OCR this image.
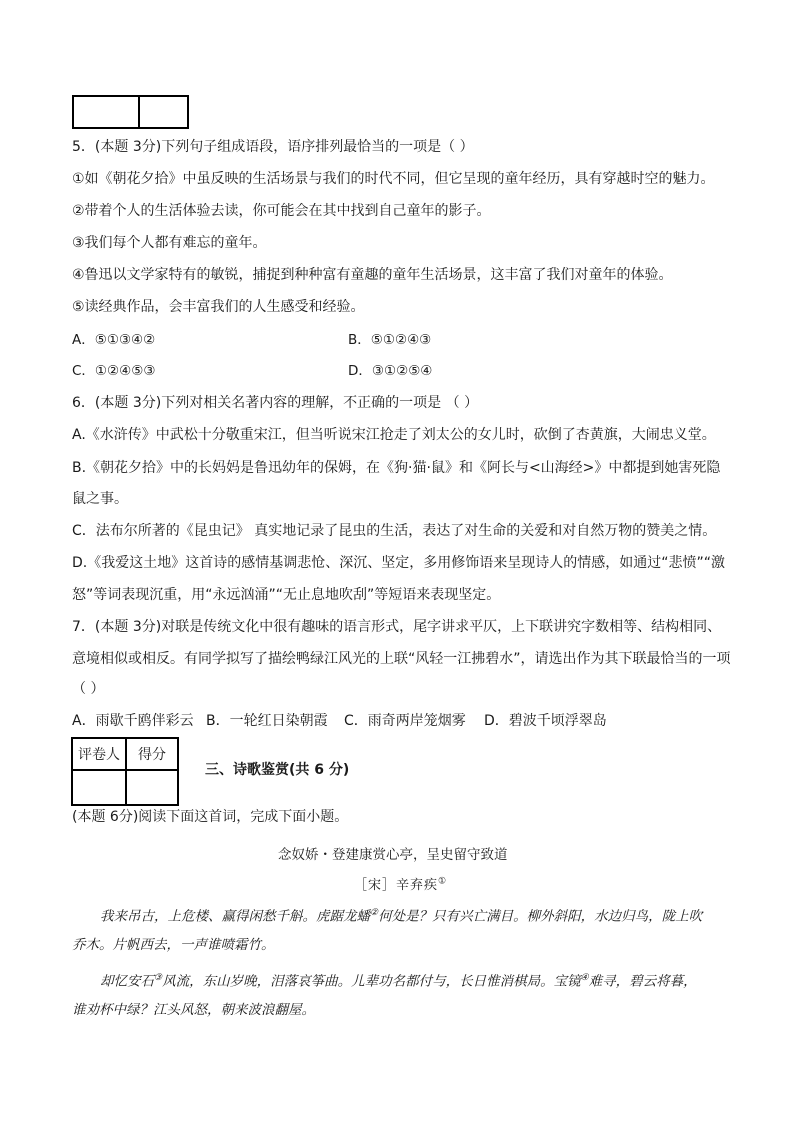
5．(本题 3分)下列句子组成语段，语序排列最恰当的一项是（ ）
①如《朝花夕拾》中虽反映的生活场景与我们的时代不同，但它呈现的童年经历，具有穿越时空的魅力。
②带着个人的生活体验去读，你可能会在其中找到自己童年的影子。
③我们每个人都有难忘的童年。
④鲁迅以文学家特有的敏锐，捕捉到种种富有童趣的童年生活场景，这丰富了我们对童年的体验。
⑤读经典作品，会丰富我们的人生感受和经验。
A．⑤①③④②	B．⑤①②④③
C．①②④⑤③	D．③①②⑤④
6．(本题 3分)下列对相关名著内容的理解，不正确的一项是 （ ）
A.《水浒传》中武松十分敬重宋江，但当听说宋江抢走了刘太公的女儿时，砍倒了杏黄旗，大闹忠义堂。
B.《朝花夕拾》中的长妈妈是鲁迅幼年的保姆，在《狗·猫·鼠》和《阿长与<山海经>》中都提到她害死隐
鼠之事。
C．法布尔所著的《昆虫记》 真实地记录了昆虫的生活，表达了对生命的关爱和对自然万物的赞美之情。
D.《我爱这土地》这首诗的感情基调悲怆、深沉、坚定，多用修饰语来呈现诗人的情感，如通过“悲愤”“激
怒”等词表现沉重，用“永远汹涌”“无止息地吹刮”等短语来表现坚定。
7．(本题 3分)对联是传统文化中很有趣味的语言形式，尾字讲求平仄，上下联讲究字数相等、结构相同、
意境相似或相反。有同学拟写了描绘鸭绿江风光的上联“风轻一江拂碧水”，请选出作为其下联最恰当的一项
（ ）
A．雨歇千鸥伴彩云 B．一轮红日染朝霞 C．雨奇两岸笼烟雾 D．碧波千顷浮翠岛
评卷人	得分

三、诗歌鉴赏(共 6 分)
(本题 6分)阅读下面这首词，完成下面小题。
念奴娇・登建康赏心亭，呈史留守致道
［宋］辛弃疾①
我来吊古，上危楼、赢得闲愁千斛。虎踞龙蟠②何处是？只有兴亡满目。柳外斜阳，水边归鸟，陇上吹
乔木。片帆西去，一声谁喷霜竹。
却忆安石③风流，东山岁晚，泪落哀筝曲。儿辈功名都付与，长日惟消棋局。宝镜④难寻，碧云将暮，
谁劝杯中绿？江头风怒，朝来波浪翻屋。
